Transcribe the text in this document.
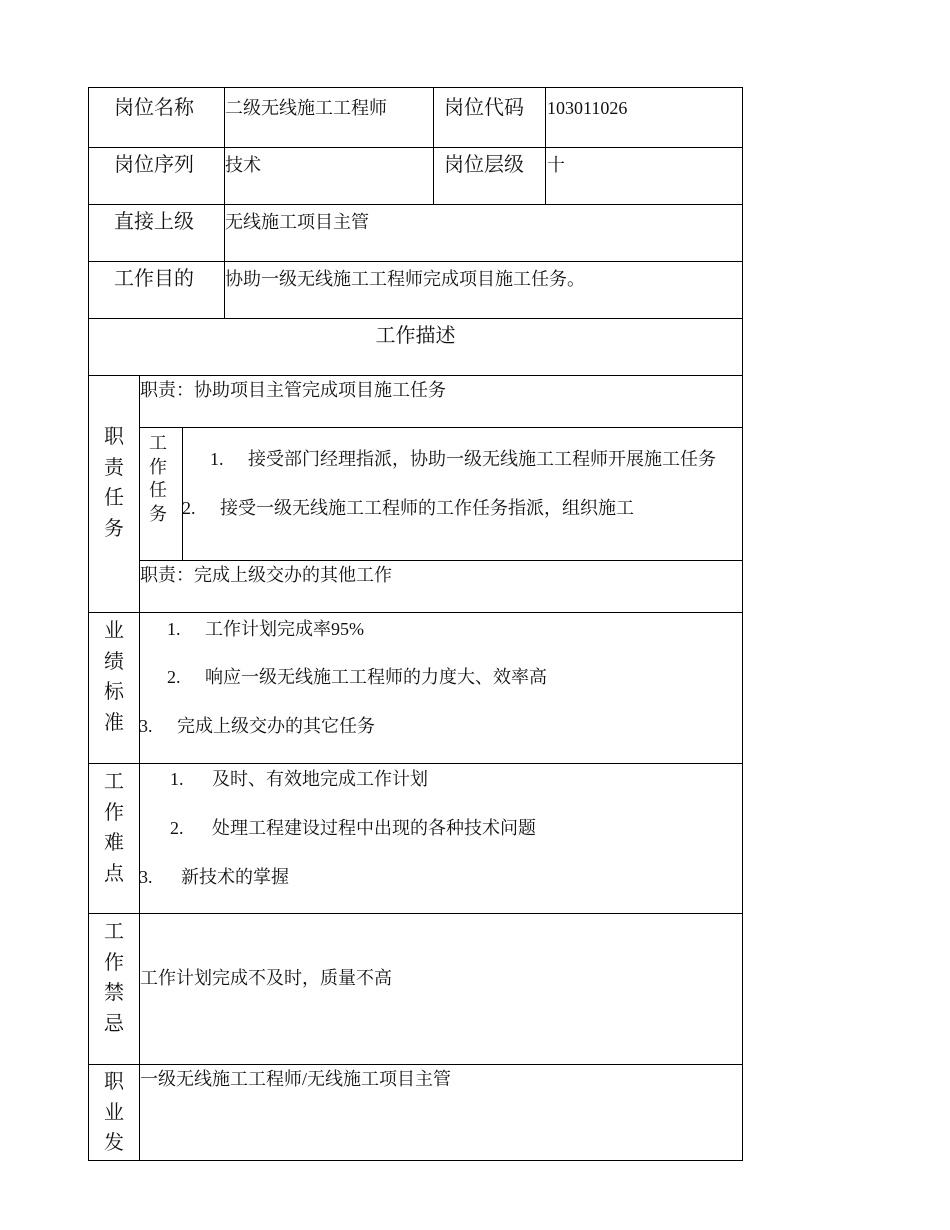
岗位名称 二级无线施工工程师	岗位代码 103011026
岗位序列 技术	岗位层级 十
直接上级 无线施工项目主管
工作目的 协助一级无线施工工程师完成项目施工任务。
工作描述
职责任务
职责：协助项目主管完成项目施工任务
工作任务
1. 接受部门经理指派，协助一级无线施工工程师开展施工任务
2. 接受一级无线施工工程师的工作任务指派，组织施工
职责：完成上级交办的其他工作
业绩标准
1. 工作计划完成率95%
2. 响应一级无线施工工程师的力度大、效率高
3. 完成上级交办的其它任务
工作难点
1. 及时、有效地完成工作计划
2. 处理工程建设过程中出现的各种技术问题
3. 新技术的掌握
工作禁忌
工作计划完成不及时，质量不高
职业发
一级无线施工工程师/无线施工项目主管
